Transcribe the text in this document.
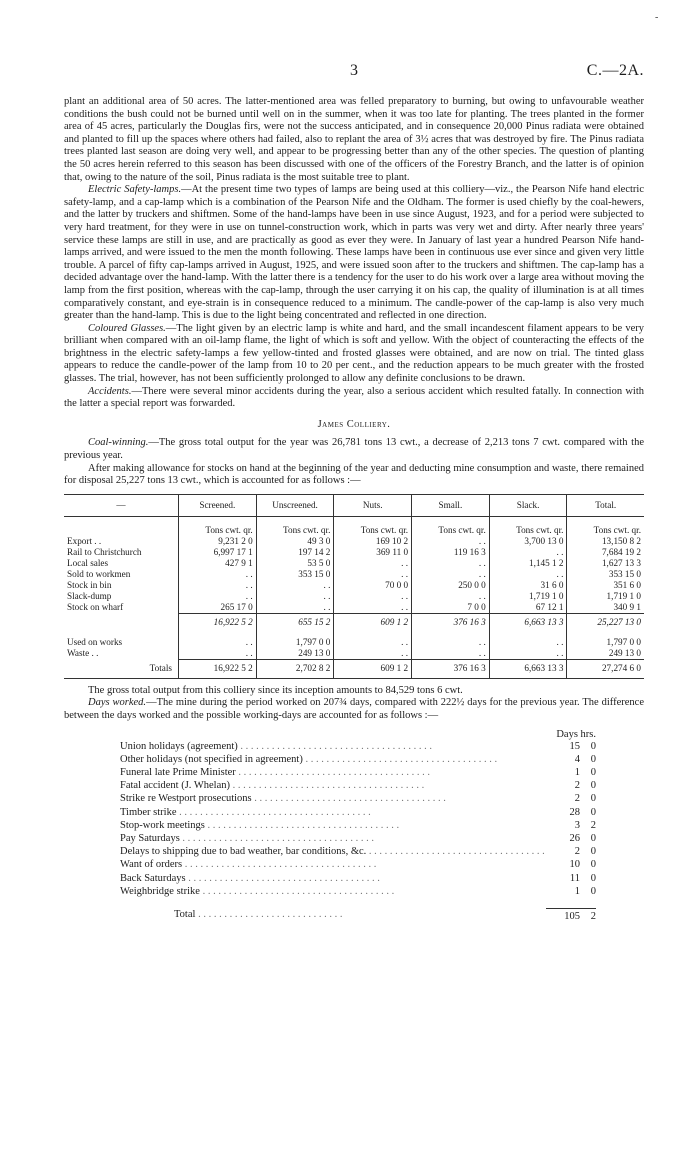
-
3	C.—2A.

plant an additional area of 50 acres. The latter-mentioned area was felled preparatory to burning, but owing to unfavourable weather conditions the bush could not be burned until well on in the summer, when it was too late for planting. The trees planted in the former area of 45 acres, particularly the Douglas firs, were not the success anticipated, and in consequence 20,000 Pinus radiata were obtained and planted to fill up the spaces where others had failed, also to replant the area of 3½ acres that was destroyed by fire. The Pinus radiata trees planted last season are doing very well, and appear to be progressing better than any of the other species. The question of planting the 50 acres herein referred to this season has been discussed with one of the officers of the Forestry Branch, and the latter is of opinion that, owing to the nature of the soil, Pinus radiata is the most suitable tree to plant.

Electric Safety-lamps.—At the present time two types of lamps are being used at this colliery—viz., the Pearson Nife hand electric safety-lamp, and a cap-lamp which is a combination of the Pearson Nife and the Oldham. The former is used chiefly by the coal-hewers, and the latter by truckers and shiftmen. Some of the hand-lamps have been in use since August, 1923, and for a period were subjected to very hard treatment, for they were in use on tunnel-construction work, which in parts was very wet and dirty. After nearly three years' service these lamps are still in use, and are practically as good as ever they were. In January of last year a hundred Pearson Nife hand-lamps arrived, and were issued to the men the month following. These lamps have been in continuous use ever since and given very little trouble. A parcel of fifty cap-lamps arrived in August, 1925, and were issued soon after to the truckers and shiftmen. The cap-lamp has a decided advantage over the hand-lamp. With the latter there is a tendency for the user to do his work over a large area without moving the lamp from the first position, whereas with the cap-lamp, through the user carrying it on his cap, the quality of illumination is at all times comparatively constant, and eye-strain is in consequence reduced to a minimum. The candle-power of the cap-lamp is also very much greater than the hand-lamp. This is due to the light being concentrated and reflected in one direction.

Coloured Glasses.—The light given by an electric lamp is white and hard, and the small incandescent filament appears to be very brilliant when compared with an oil-lamp flame, the light of which is soft and yellow. With the object of counteracting the effects of the brightness in the electric safety-lamps a few yellow-tinted and frosted glasses were obtained, and are now on trial. The tinted glass appears to reduce the candle-power of the lamp from 10 to 20 per cent., and the reduction appears to be much greater with the frosted glasses. The trial, however, has not been sufficiently prolonged to allow any definite conclusions to be drawn.

Accidents.—There were several minor accidents during the year, also a serious accident which resulted fatally. In connection with the latter a special report was forwarded.

James Colliery.

Coal-winning.—The gross total output for the year was 26,781 tons 13 cwt., a decrease of 2,213 tons 7 cwt. compared with the previous year.

After making allowance for stocks on hand at the beginning of the year and deducting mine consumption and waste, there remained for disposal 25,227 tons 13 cwt., which is accounted for as follows :—

—	Screened.	Unscreened.	Nuts.	Small.	Slack.	Total.
	Tons cwt. qr.	Tons cwt. qr.	Tons cwt. qr.	Tons cwt. qr.	Tons cwt. qr.	Tons cwt. qr.
Export . .	9,231 2 0	49 3 0	169 10 2	. .	3,700 13 0	13,150 8 2
Rail to Christchurch	6,997 17 1	197 14 2	369 11 0	119 16 3	. .	7,684 19 2
Local sales	427 9 1	53 5 0	. .	. .	1,145 1 2	1,627 13 3
Sold to workmen	. .	353 15 0	. .	. .	. .	353 15 0
Stock in bin	. .	. .	70 0 0	250 0 0	31 6 0	351 6 0
Slack-dump	. .	. .	. .	. .	1,719 1 0	1,719 1 0
Stock on wharf	265 17 0	. .	. .	7 0 0	67 12 1	340 9 1
	16,922 5 2	655 15 2	609 1 2	376 16 3	6,663 13 3	25,227 13 0

Used on works	. .	1,797 0 0	. .	. .	. .	1,797 0 0
Waste . .	. .	249 13 0	. .	. .	. .	249 13 0
Totals	16,922 5 2	2,702 8 2	609 1 2	376 16 3	6,663 13 3	27,274 6 0

The gross total output from this colliery since its inception amounts to 84,529 tons 6 cwt.

Days worked.—The mine during the period worked on 207¾ days, compared with 222½ days for the previous year. The difference between the days worked and the possible working-days are accounted for as follows :—

Days hrs.
Union holidays (agreement) . .	15	0
Other holidays (not specified in agreement) . .	4	0
Funeral late Prime Minister . .	1	0
Fatal accident (J. Whelan) . .	2	0
Strike re Westport prosecutions . .	2	0
Timber strike . .	28	0
Stop-work meetings . .	3	2
Pay Saturdays . .	26	0
Delays to shipping due to bad weather, bar conditions, &c. . .	2	0
Want of orders . .	10	0
Back Saturdays . .	11	0
Weighbridge strike . .	1	0
Total . .	105	2
